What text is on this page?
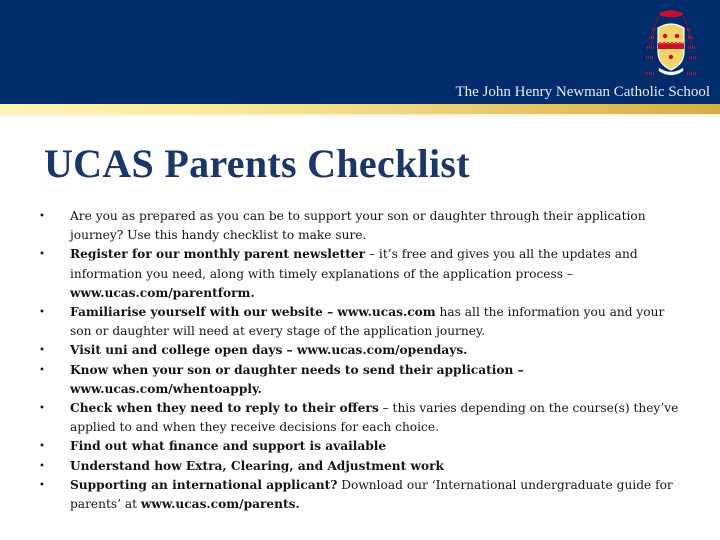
The John Henry Newman Catholic School
UCAS Parents Checklist
• Are you as prepared as you can be to support your son or daughter through their application journey? Use this handy checklist to make sure.
• Register for our monthly parent newsletter – it’s free and gives you all the updates and information you need, along with timely explanations of the application process – www.ucas.com/parentform.
• Familiarise yourself with our website – www.ucas.com has all the information you and your son or daughter will need at every stage of the application journey.
• Visit uni and college open days – www.ucas.com/opendays.
• Know when your son or daughter needs to send their application – www.ucas.com/whentoapply.
• Check when they need to reply to their offers – this varies depending on the course(s) they’ve applied to and when they receive decisions for each choice.
• Find out what finance and support is available
• Understand how Extra, Clearing, and Adjustment work
• Supporting an international applicant? Download our ‘International undergraduate guide for parents’ at www.ucas.com/parents.
